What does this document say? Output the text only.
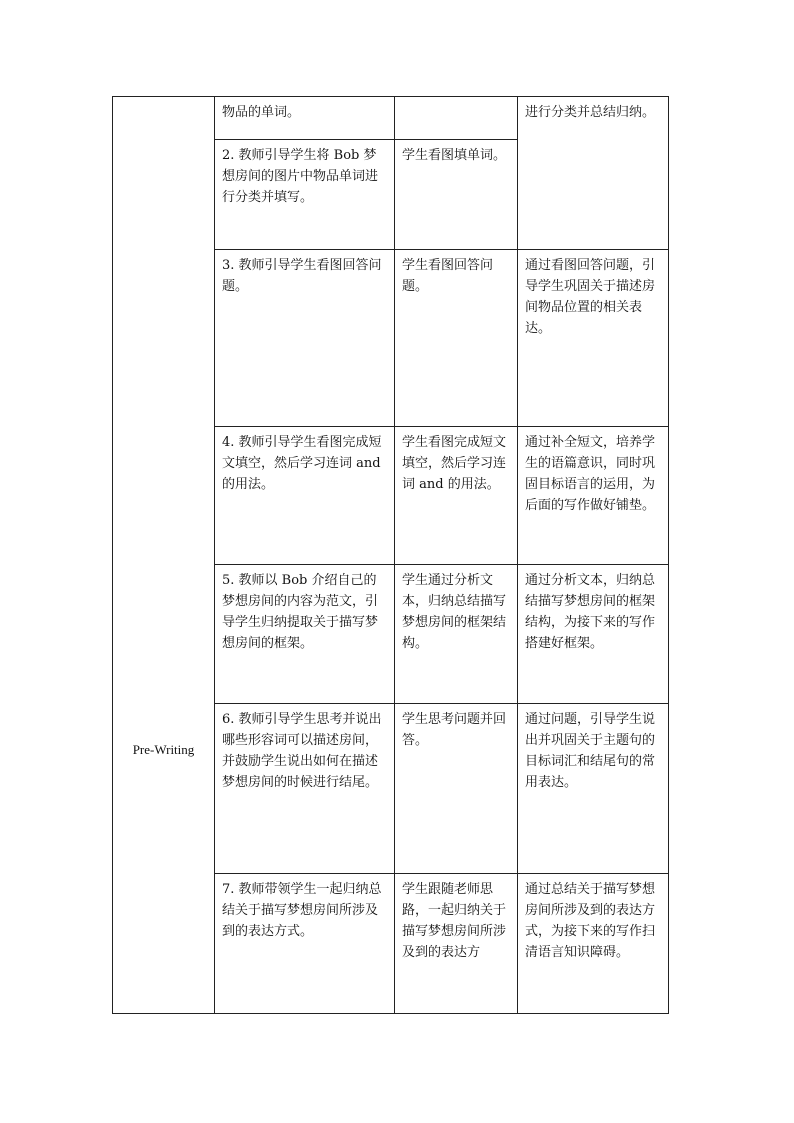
Pre-Writing	物品的单词。		进行分类并总结归纳。
	2. 教师引导学生将 Bob 梦想房间的图片中物品单词进行分类并填写。	学生看图填单词。	
	3. 教师引导学生看图回答问题。	学生看图回答问题。	通过看图回答问题，引导学生巩固关于描述房间物品位置的相关表达。
	4. 教师引导学生看图完成短文填空，然后学习连词 and 的用法。	学生看图完成短文填空，然后学习连词 and 的用法。	通过补全短文，培养学生的语篇意识，同时巩固目标语言的运用，为后面的写作做好铺垫。
	5. 教师以 Bob 介绍自己的梦想房间的内容为范文，引导学生归纳提取关于描写梦想房间的框架。	学生通过分析文本，归纳总结描写梦想房间的框架结构。	通过分析文本，归纳总结描写梦想房间的框架结构，为接下来的写作搭建好框架。
	6. 教师引导学生思考并说出哪些形容词可以描述房间，并鼓励学生说出如何在描述梦想房间的时候进行结尾。	学生思考问题并回答。	通过问题，引导学生说出并巩固关于主题句的目标词汇和结尾句的常用表达。
	7. 教师带领学生一起归纳总结关于描写梦想房间所涉及到的表达方式。	学生跟随老师思路，一起归纳关于描写梦想房间所涉及到的表达方	通过总结关于描写梦想房间所涉及到的表达方式，为接下来的写作扫清语言知识障碍。
